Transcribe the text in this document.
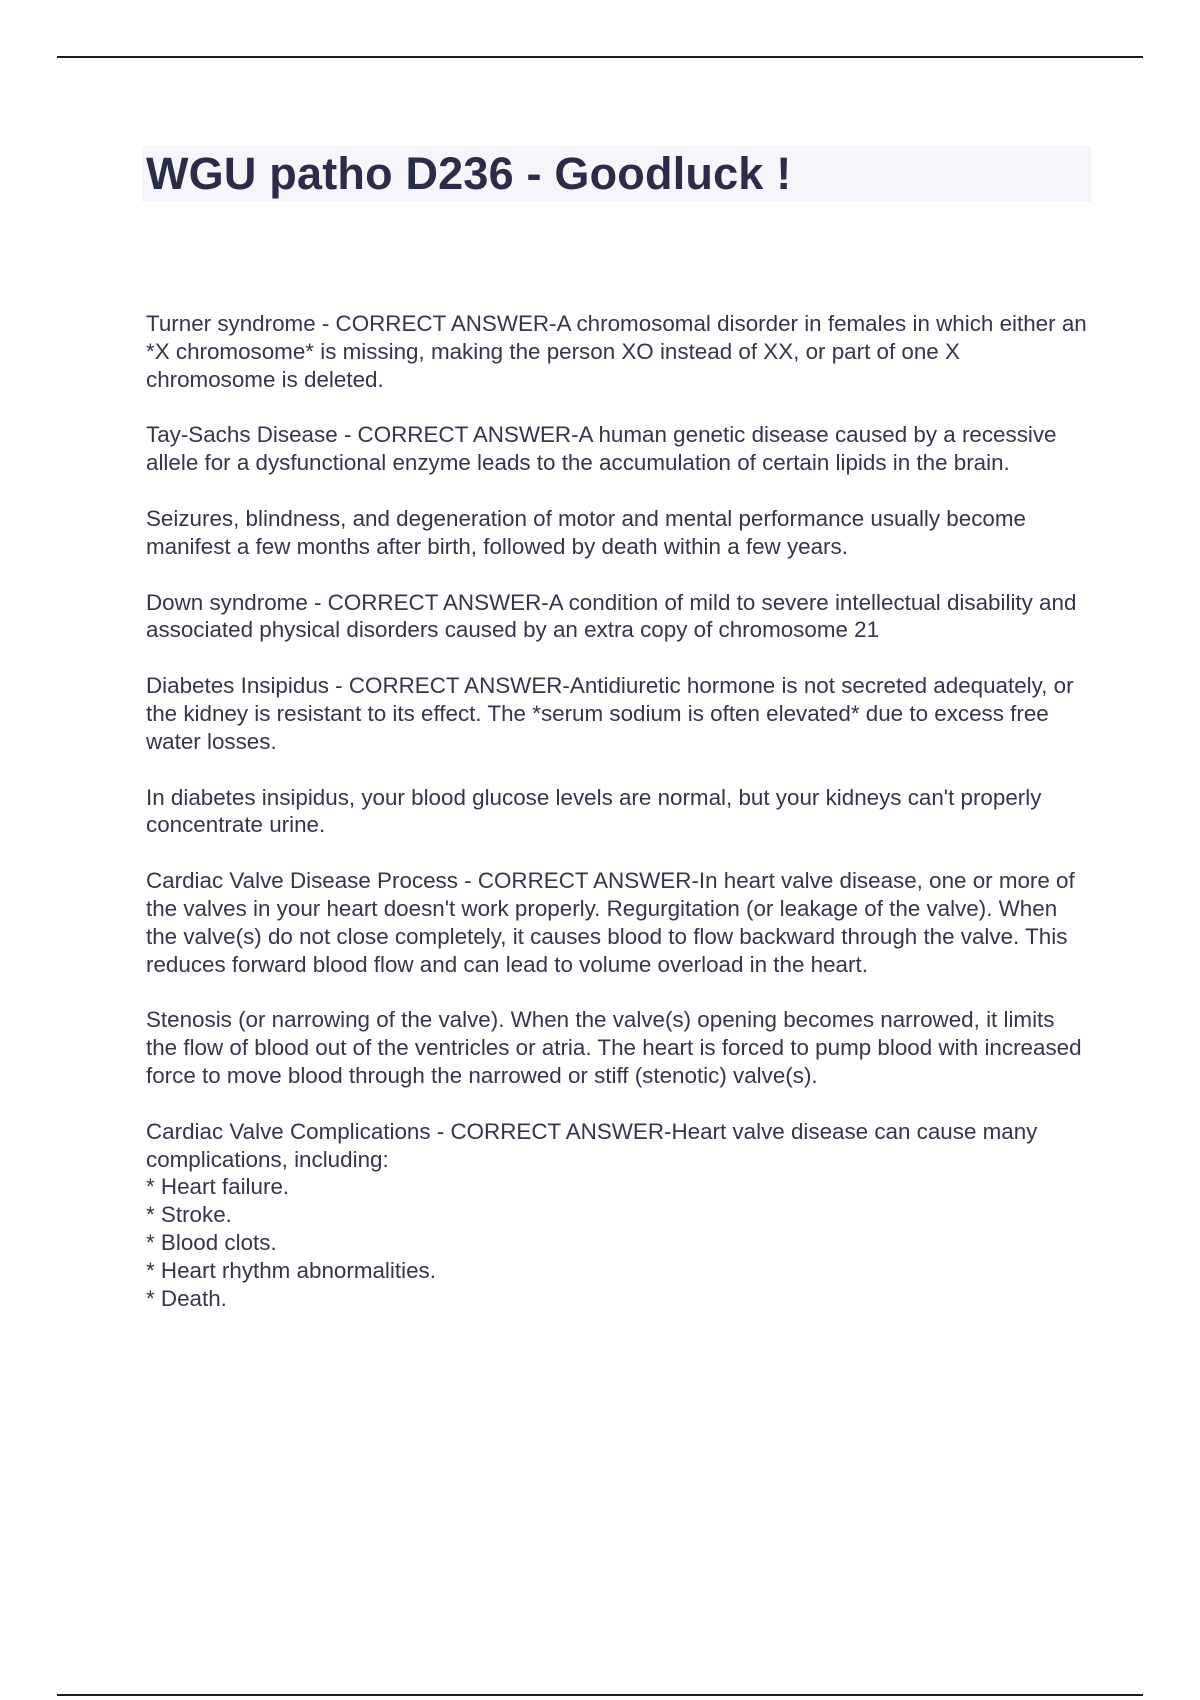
WGU patho D236 - Goodluck !

Turner syndrome - CORRECT ANSWER-A chromosomal disorder in females in which either an *X chromosome* is missing, making the person XO instead of XX, or part of one X chromosome is deleted.

Tay-Sachs Disease - CORRECT ANSWER-A human genetic disease caused by a recessive allele for a dysfunctional enzyme leads to the accumulation of certain lipids in the brain.

Seizures, blindness, and degeneration of motor and mental performance usually become manifest a few months after birth, followed by death within a few years.

Down syndrome - CORRECT ANSWER-A condition of mild to severe intellectual disability and associated physical disorders caused by an extra copy of chromosome 21

Diabetes Insipidus - CORRECT ANSWER-Antidiuretic hormone is not secreted adequately, or the kidney is resistant to its effect. The *serum sodium is often elevated* due to excess free water losses.

In diabetes insipidus, your blood glucose levels are normal, but your kidneys can't properly concentrate urine.

Cardiac Valve Disease Process - CORRECT ANSWER-In heart valve disease, one or more of the valves in your heart doesn't work properly. Regurgitation (or leakage of the valve). When the valve(s) do not close completely, it causes blood to flow backward through the valve. This reduces forward blood flow and can lead to volume overload in the heart.

Stenosis (or narrowing of the valve). When the valve(s) opening becomes narrowed, it limits the flow of blood out of the ventricles or atria. The heart is forced to pump blood with increased force to move blood through the narrowed or stiff (stenotic) valve(s).

Cardiac Valve Complications - CORRECT ANSWER-Heart valve disease can cause many complications, including:
* Heart failure.
* Stroke.
* Blood clots.
* Heart rhythm abnormalities.
* Death.
